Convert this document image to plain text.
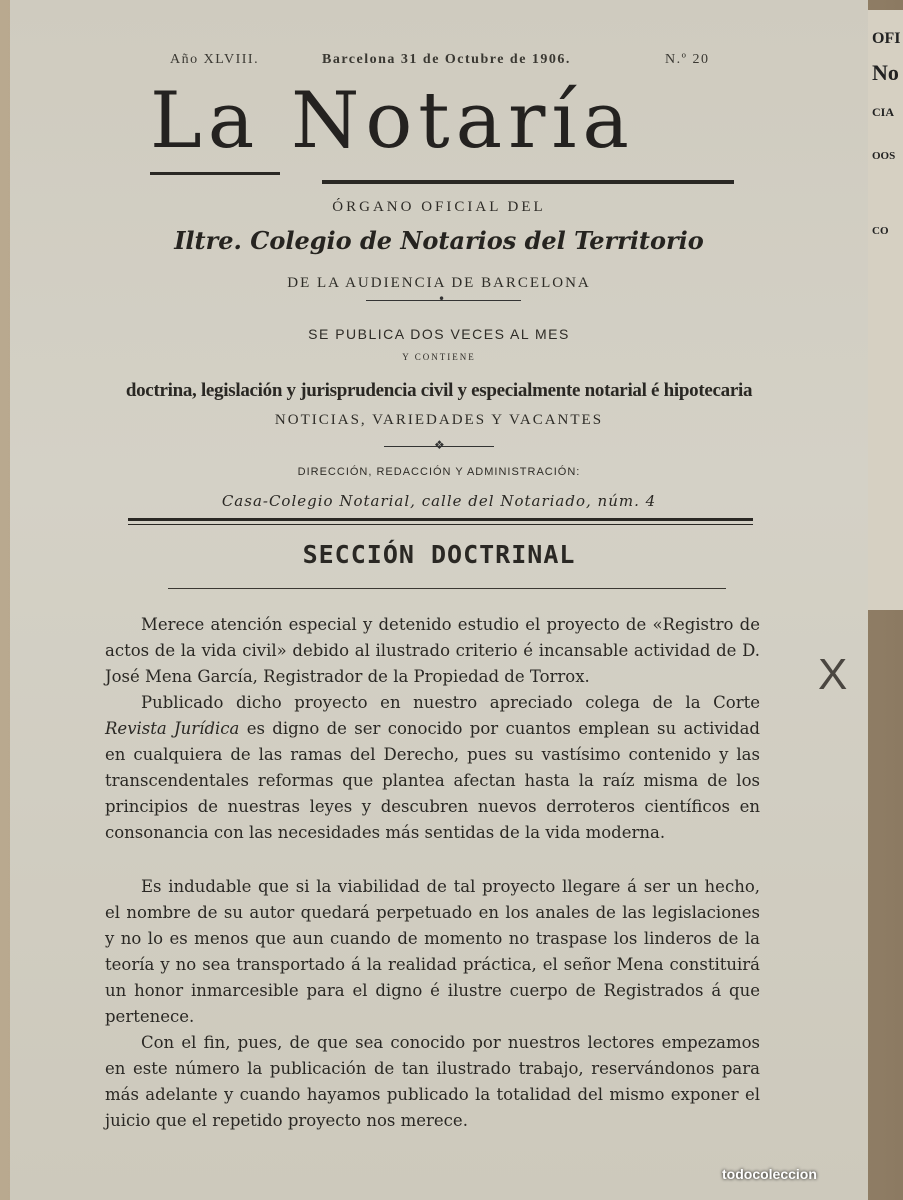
OFI
No
CIA
OOS
CO
Año XLVIII.	Barcelona 31 de Octubre de 1906.	N.º 20
La Notaría
ÓRGANO OFICIAL DEL
Iltre. Colegio de Notarios del Territorio
DE LA AUDIENCIA DE BARCELONA
•
SE PUBLICA DOS VECES AL MES
Y CONTIENE
doctrina, legislación y jurisprudencia civil y especialmente notarial é hipotecaria
NOTICIAS, VARIEDADES Y VACANTES
❖
DIRECCIÓN, REDACCIÓN Y ADMINISTRACIÓN:
Casa-Colegio Notarial, calle del Notariado, núm. 4
SECCIÓN DOCTRINAL
Merece atención especial y detenido estudio el proyecto de «Registro de actos de la vida civil» debido al ilustrado criterio é incansable actividad de D. José Mena García, Registrador de la Propiedad de Torrox.
Publicado dicho proyecto en nuestro apreciado colega de la Corte Revista Jurídica es digno de ser conocido por cuantos emplean su actividad en cualquiera de las ramas del Derecho, pues su vastísimo contenido y las transcendentales reformas que plantea afectan hasta la raíz misma de los principios de nuestras leyes y descubren nuevos derroteros científicos en consonancia con las necesidades más sentidas de la vida moderna.
Es indudable que si la viabilidad de tal proyecto llegare á ser un hecho, el nombre de su autor quedará perpetuado en los anales de las legislaciones y no lo es menos que aun cuando de momento no traspase los linderos de la teoría y no sea transportado á la realidad práctica, el señor Mena constituirá un honor inmarcesible para el digno é ilustre cuerpo de Registrados á que pertenece.
Con el fin, pues, de que sea conocido por nuestros lectores empezamos en este número la publicación de tan ilustrado trabajo, reservándonos para más adelante y cuando hayamos publicado la totalidad del mismo exponer el juicio que el repetido proyecto nos merece.
X
todocoleccion
